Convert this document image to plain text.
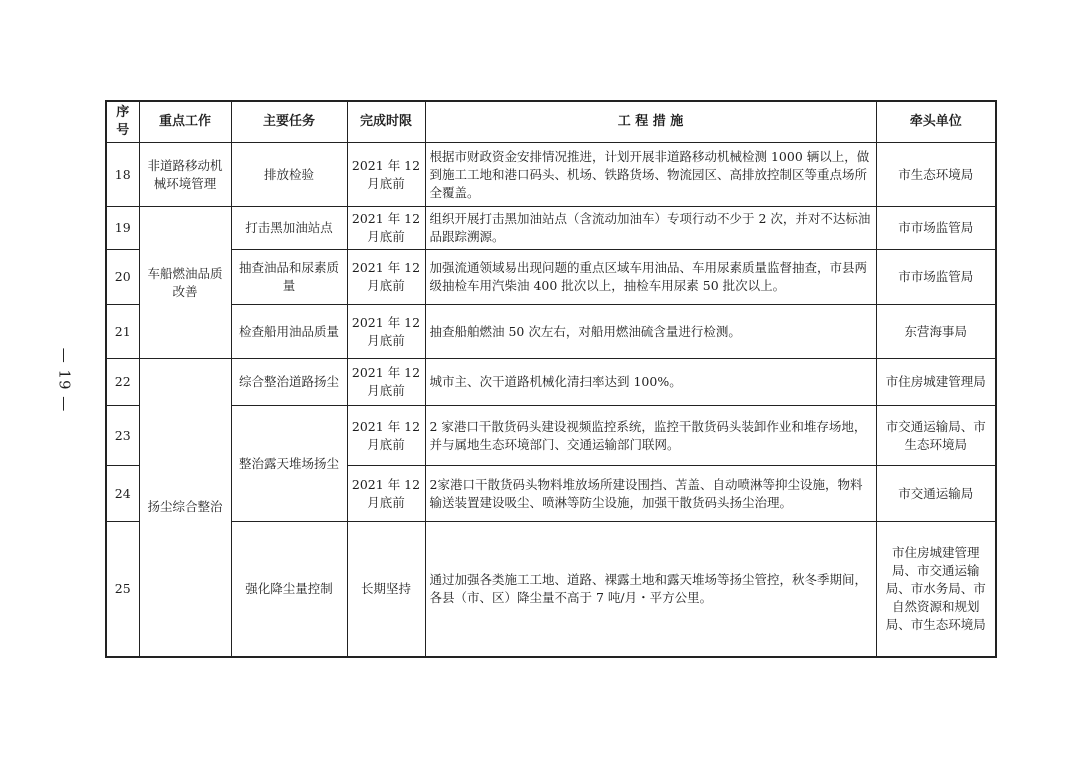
— 19 —
序号	重点工作	主要任务	完成时限	工 程 措 施	牵头单位
18	非道路移动机械环境管理	排放检验	2021 年 12 月底前	根据市财政资金安排情况推进，计划开展非道路移动机械检测 1000 辆以上，做到施工工地和港口码头、机场、铁路货场、物流园区、高排放控制区等重点场所全覆盖。	市生态环境局
19	车船燃油品质改善	打击黑加油站点	2021 年 12 月底前	组织开展打击黑加油站点（含流动加油车）专项行动不少于 2 次，并对不达标油品跟踪溯源。	市市场监管局
20		抽查油品和尿素质量	2021 年 12 月底前	加强流通领域易出现问题的重点区域车用油品、车用尿素质量监督抽查，市县两级抽检车用汽柴油 400 批次以上，抽检车用尿素 50 批次以上。	市市场监管局
21		检查船用油品质量	2021 年 12 月底前	抽查船舶燃油 50 次左右，对船用燃油硫含量进行检测。	东营海事局
22	扬尘综合整治	综合整治道路扬尘	2021 年 12 月底前	城市主、次干道路机械化清扫率达到 100%。	市住房城建管理局
23		整治露天堆场扬尘	2021 年 12 月底前	2 家港口干散货码头建设视频监控系统，监控干散货码头装卸作业和堆存场地，并与属地生态环境部门、交通运输部门联网。	市交通运输局、市生态环境局
24			2021 年 12 月底前	2家港口干散货码头物料堆放场所建设围挡、苫盖、自动喷淋等抑尘设施，物料输送装置建设吸尘、喷淋等防尘设施，加强干散货码头扬尘治理。	市交通运输局
25		强化降尘量控制	长期坚持	通过加强各类施工工地、道路、裸露土地和露天堆场等扬尘管控，秋冬季期间，各县（市、区）降尘量不高于 7 吨/月・平方公里。	市住房城建管理局、市交通运输局、市水务局、市自然资源和规划局、市生态环境局
